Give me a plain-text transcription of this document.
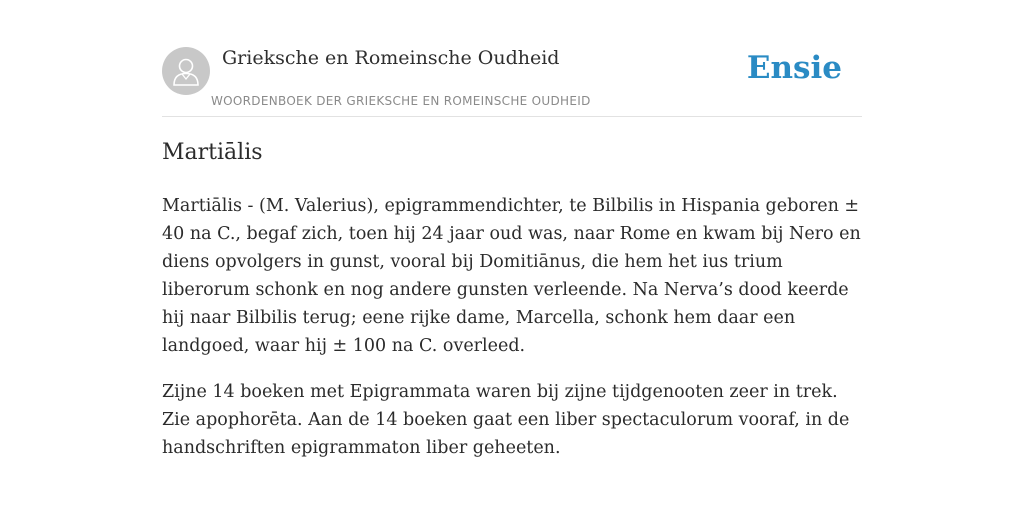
Grieksche en Romeinsche Oudheid
WOORDENBOEK DER GRIEKSCHE EN ROMEINSCHE OUDHEID
Ensie
Martiālis

Martiālis - (M. Valerius), epigrammendichter, te Bilbilis in Hispania geboren ± 40 na C., begaf zich, toen hij 24 jaar oud was, naar Rome en kwam bij Nero en diens opvolgers in gunst, vooral bij Domitiānus, die hem het ius trium liberorum schonk en nog andere gunsten verleende. Na Nerva’s dood keerde hij naar Bilbilis terug; eene rijke dame, Marcella, schonk hem daar een landgoed, waar hij ± 100 na C. overleed.

Zijne 14 boeken met Epigrammata waren bij zijne tijdgenooten zeer in trek. Zie apophorēta. Aan de 14 boeken gaat een liber spectaculorum vooraf, in de handschriften epigrammaton liber geheeten.
